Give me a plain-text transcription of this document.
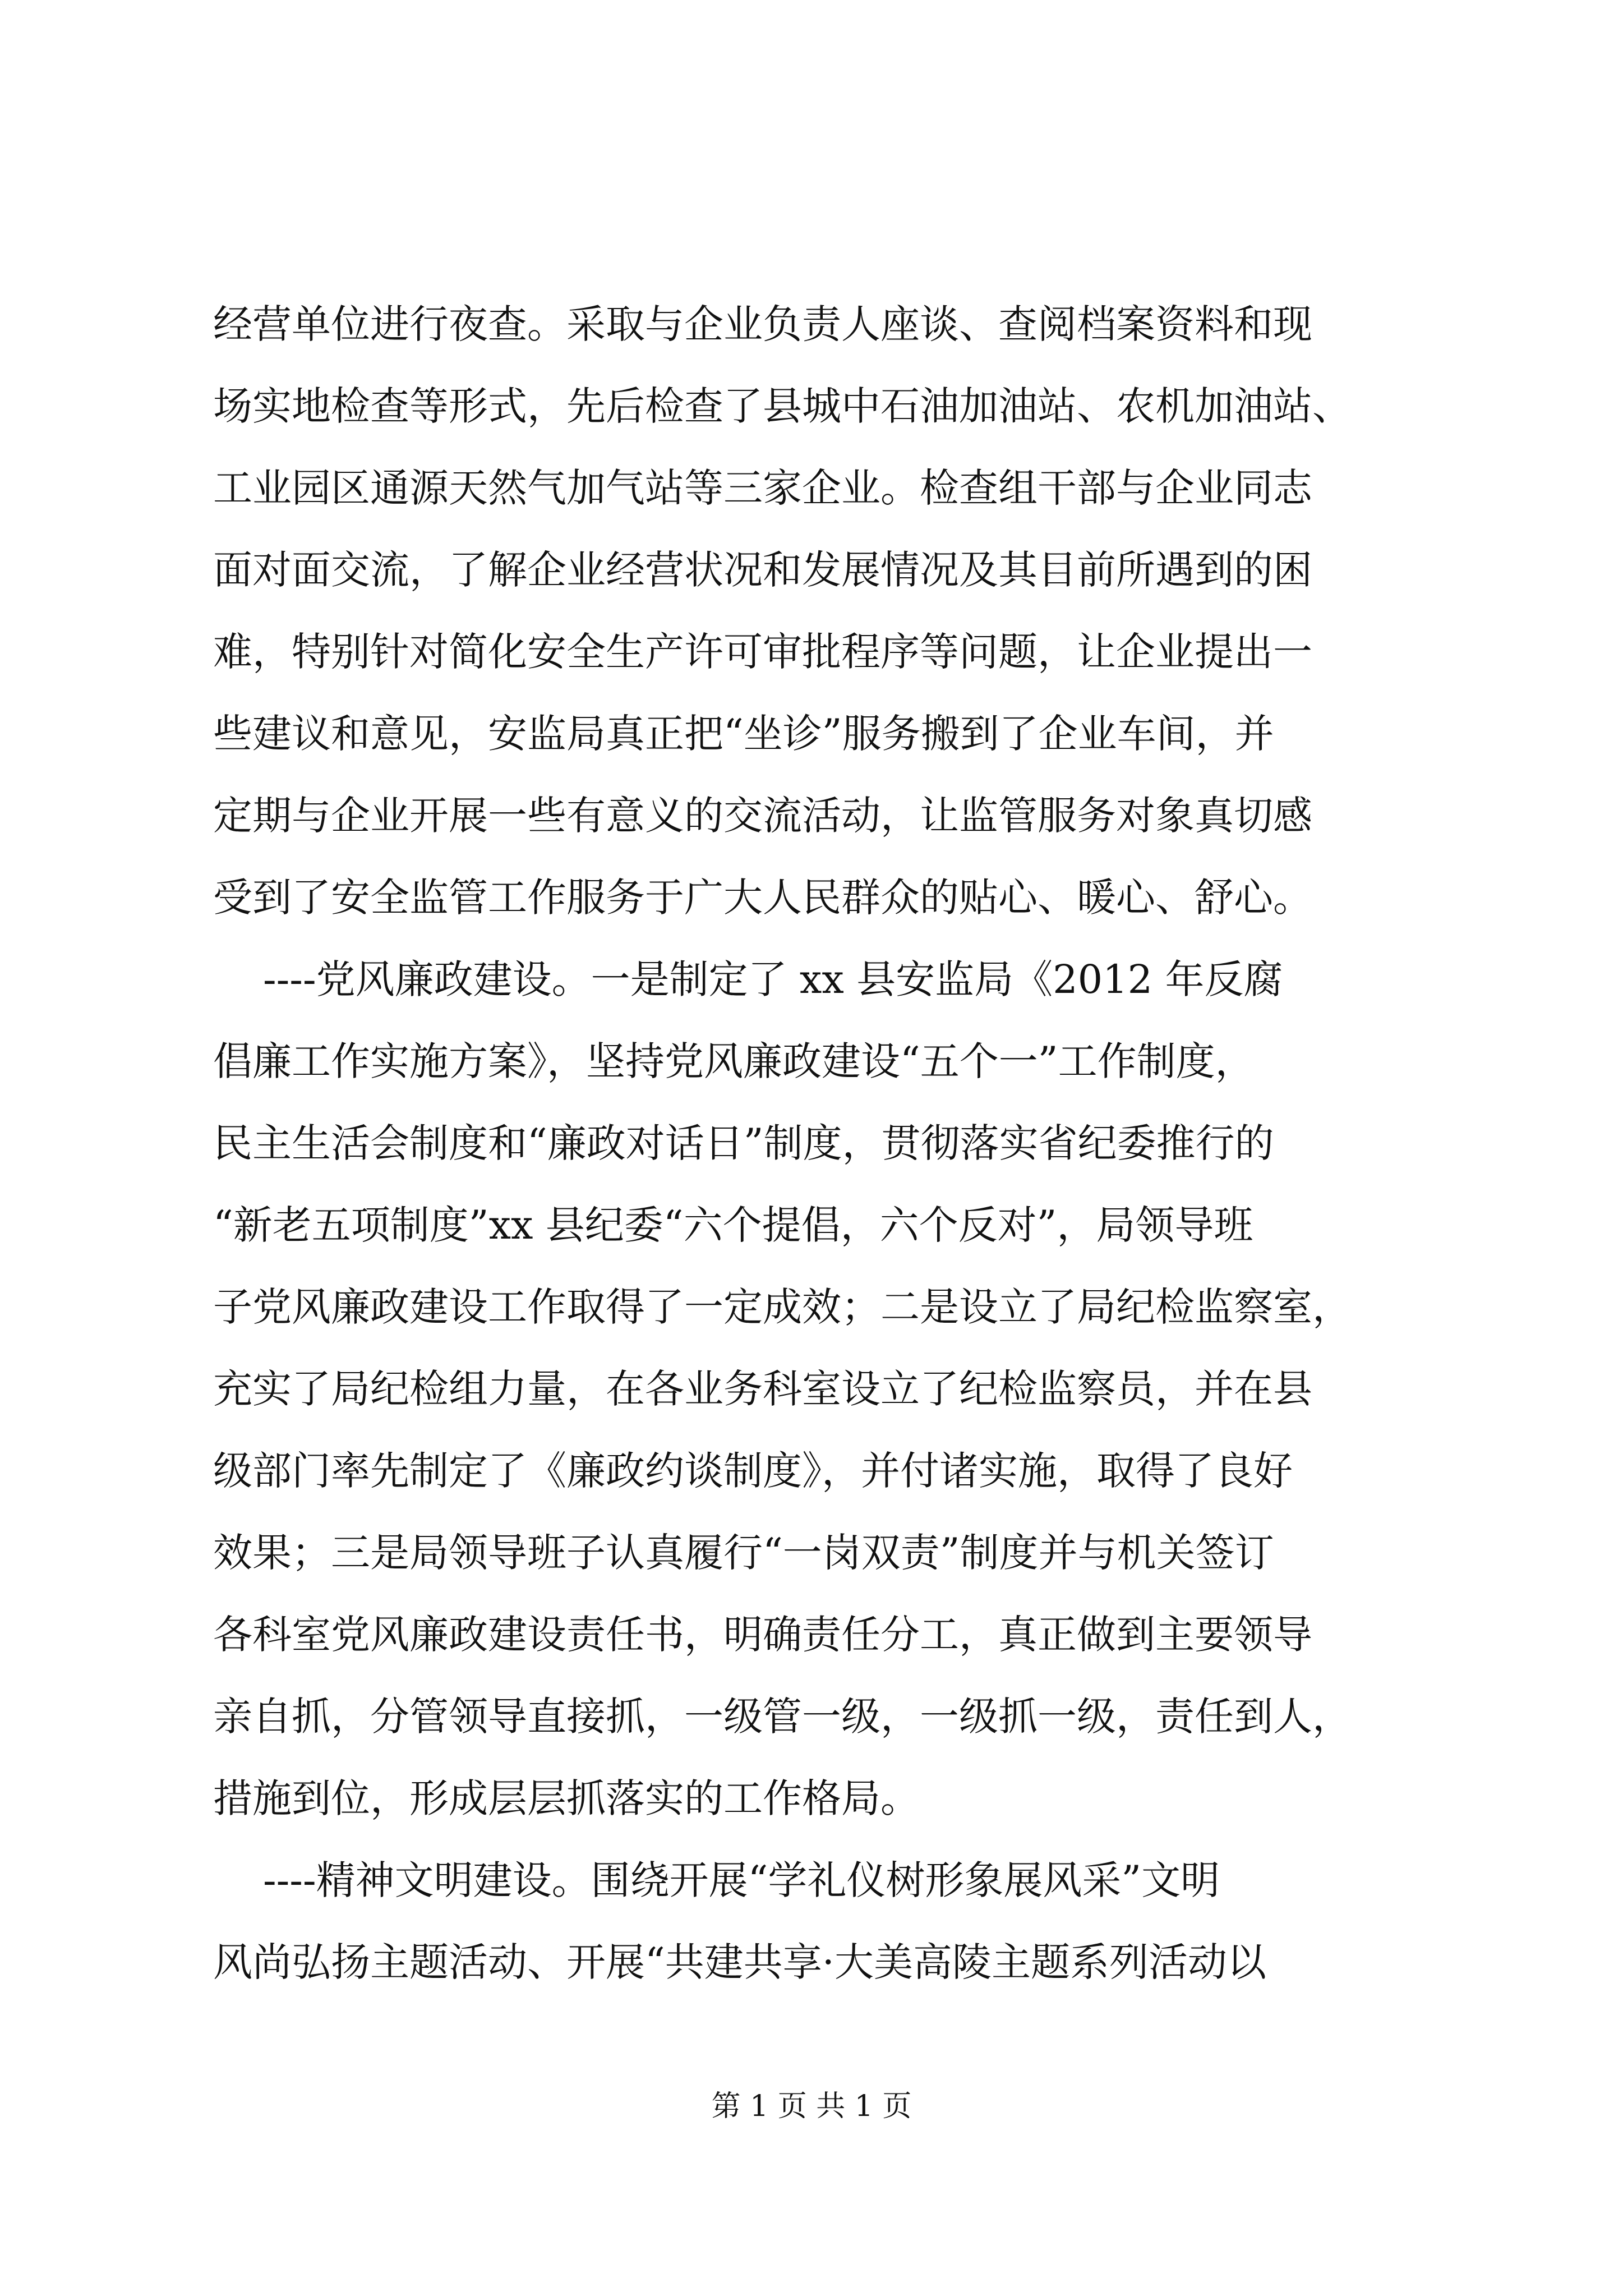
经营单位进行夜查。采取与企业负责人座谈、查阅档案资料和现
场实地检查等形式，先后检查了县城中石油加油站、农机加油站、
工业园区通源天然气加气站等三家企业。检查组干部与企业同志
面对面交流，了解企业经营状况和发展情况及其目前所遇到的困
难，特别针对简化安全生产许可审批程序等问题，让企业提出一
些建议和意见，安监局真正把“坐诊”服务搬到了企业车间，并
定期与企业开展一些有意义的交流活动，让监管服务对象真切感
受到了安全监管工作服务于广大人民群众的贴心、暖心、舒心。
----党风廉政建设。一是制定了 xx 县安监局《2012 年反腐
倡廉工作实施方案》，坚持党风廉政建设“五个一”工作制度，
民主生活会制度和“廉政对话日”制度，贯彻落实省纪委推行的
“新老五项制度”xx 县纪委“六个提倡，六个反对”，局领导班
子党风廉政建设工作取得了一定成效；二是设立了局纪检监察室，
充实了局纪检组力量，在各业务科室设立了纪检监察员，并在县
级部门率先制定了《廉政约谈制度》，并付诸实施，取得了良好
效果；三是局领导班子认真履行“一岗双责”制度并与机关签订
各科室党风廉政建设责任书，明确责任分工，真正做到主要领导
亲自抓，分管领导直接抓，一级管一级，一级抓一级，责任到人，
措施到位，形成层层抓落实的工作格局。
----精神文明建设。围绕开展“学礼仪树形象展风采”文明
风尚弘扬主题活动、开展“共建共享·大美高陵主题系列活动以
第 1 页 共 1 页
